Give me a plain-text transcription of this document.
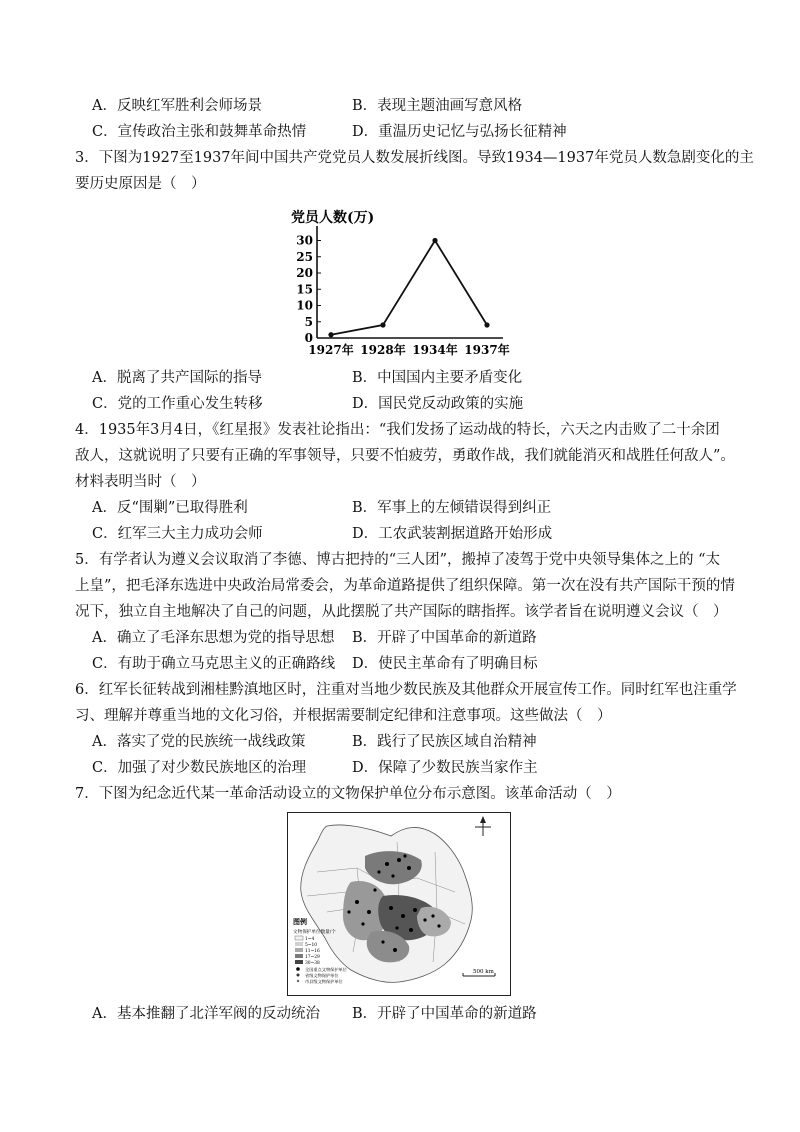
A．反映红军胜利会师场景	B．表现主题油画写意风格
C．宣传政治主张和鼓舞革命热情	D．重温历史记忆与弘扬长征精神
3．下图为1927至1937年间中国共产党党员人数发展折线图。导致1934—1937年党员人数急剧变化的主
要历史原因是（　）
党员人数(万)
0
5
10
15
20
25
30
1927年 1928年 1934年 1937年
A．脱离了共产国际的指导	B．中国国内主要矛盾变化
C．党的工作重心发生转移	D．国民党反动政策的实施
4．1935年3月4日，《红星报》发表社论指出：“我们发扬了运动战的特长，六天之内击败了二十余团
敌人，这就说明了只要有正确的军事领导，只要不怕疲劳，勇敢作战，我们就能消灭和战胜任何敌人”。
材料表明当时（　）
A．反“围剿”已取得胜利	B．军事上的左倾错误得到纠正
C．红军三大主力成功会师	D．工农武装割据道路开始形成
5．有学者认为遵义会议取消了李德、博古把持的“三人团”，搬掉了凌驾于党中央领导集体之上的 “太
上皇”，把毛泽东选进中央政治局常委会，为革命道路提供了组织保障。第一次在没有共产国际干预的情
况下，独立自主地解决了自己的问题，从此摆脱了共产国际的瞎指挥。该学者旨在说明遵义会议（　）
A．确立了毛泽东思想为党的指导思想 B．开辟了中国革命的新道路
C．有助于确立马克思主义的正确路线 D．使民主革命有了明确目标
6．红军长征转战到湘桂黔滇地区时，注重对当地少数民族及其他群众开展宣传工作。同时红军也注重学
习、理解并尊重当地的文化习俗，并根据需要制定纪律和注意事项。这些做法（　）
A．落实了党的民族统一战线政策	B．践行了民族区域自治精神
C．加强了对少数民族地区的治理	D．保障了少数民族当家作主
7．下图为纪念近代某一革命活动设立的文物保护单位分布示意图。该革命活动（　）
图例
文物保护单位数量/个
1~4
5~10
11~16
17~29
30~38
全国重点文物保护单位
省级文物保护单位
市县级文物保护单位
500 km
A．基本推翻了北洋军阀的反动统治 B．开辟了中国革命的新道路
